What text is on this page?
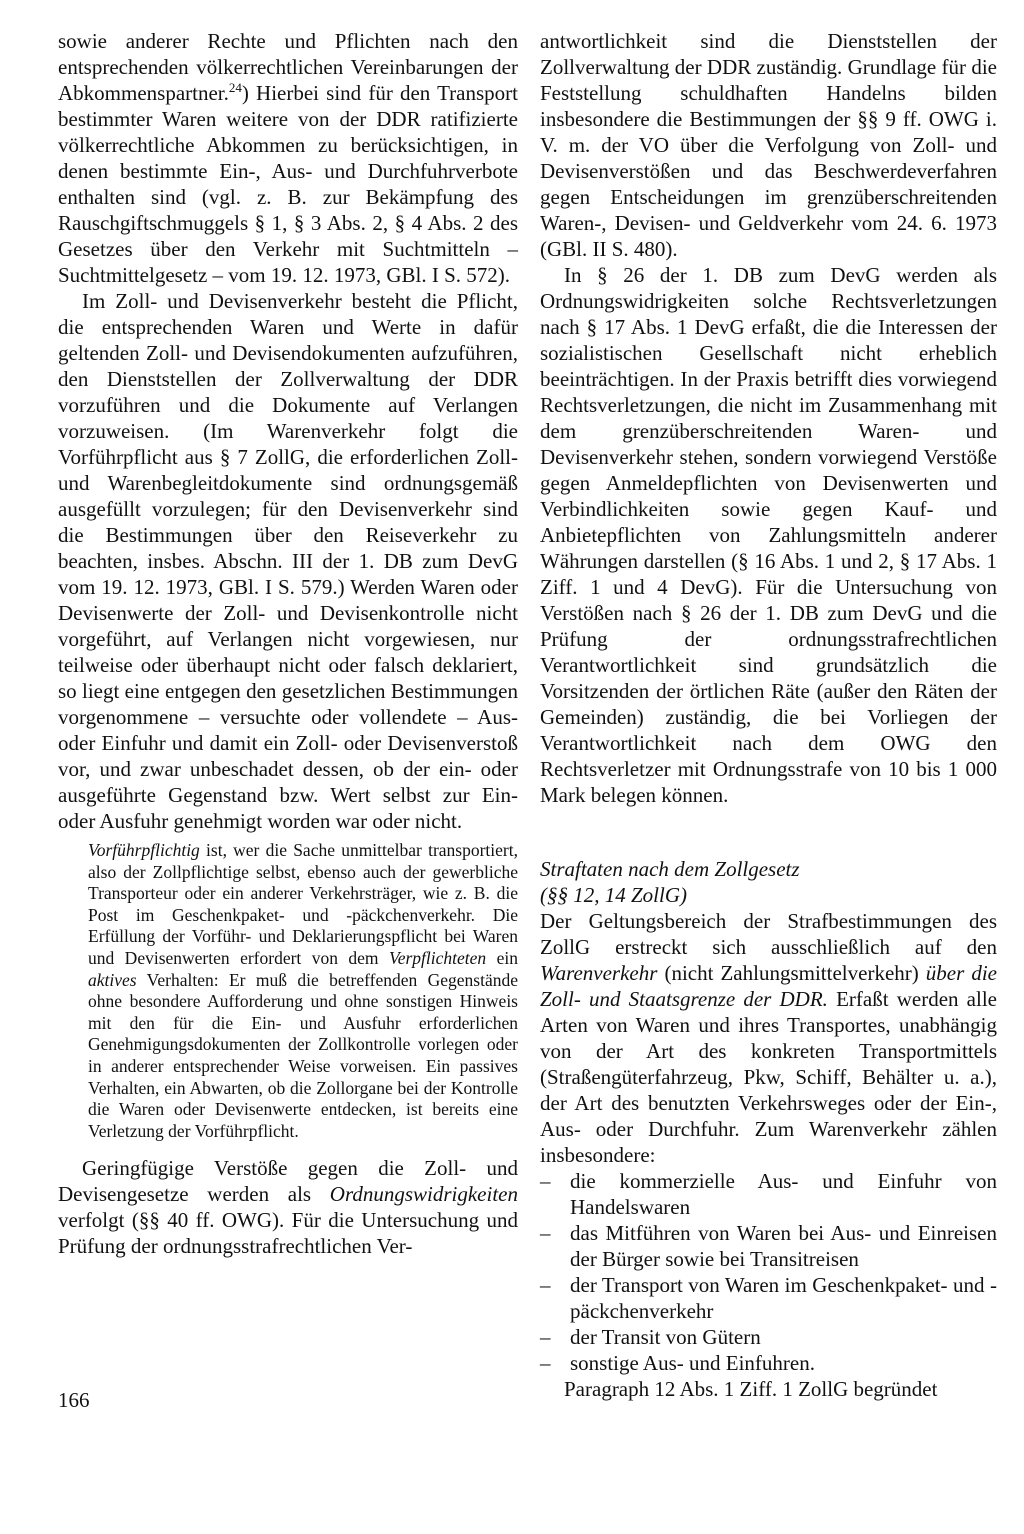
sowie anderer Rechte und Pflichten nach den entsprechenden völkerrechtlichen Vereinbarungen der Abkommenspartner.$^{24}$) Hierbei sind für den Transport bestimmter Waren weitere von der DDR ratifizierte völkerrechtliche Abkommen zu berücksichtigen, in denen bestimmte Ein-, Aus- und Durchfuhrverbote enthalten sind (vgl. z. B. zur Bekämpfung des Rauschgiftschmuggels § 1, § 3 Abs. 2, § 4 Abs. 2 des Gesetzes über den Verkehr mit Suchtmitteln – Suchtmittelgesetz – vom 19. 12. 1973, GBl. I S. 572).

Im Zoll- und Devisenverkehr besteht die Pflicht, die entsprechenden Waren und Werte in dafür geltenden Zoll- und Devisendokumenten aufzuführen, den Dienststellen der Zollverwaltung der DDR vorzuführen und die Dokumente auf Verlangen vorzuweisen. (Im Warenverkehr folgt die Vorführpflicht aus § 7 ZollG, die erforderlichen Zoll- und Warenbegleitdokumente sind ordnungsgemäß ausgefüllt vorzulegen; für den Devisenverkehr sind die Bestimmungen über den Reiseverkehr zu beachten, insbes. Abschn. III der 1. DB zum DevG vom 19. 12. 1973, GBl. I S. 579.) Werden Waren oder Devisenwerte der Zoll- und Devisenkontrolle nicht vorgeführt, auf Verlangen nicht vorgewiesen, nur teilweise oder überhaupt nicht oder falsch deklariert, so liegt eine entgegen den gesetzlichen Bestimmungen vorgenommene – versuchte oder vollendete – Aus- oder Einfuhr und damit ein Zoll- oder Devisenverstoß vor, und zwar unbeschadet dessen, ob der ein- oder ausgeführte Gegenstand bzw. Wert selbst zur Ein- oder Ausfuhr genehmigt worden war oder nicht.

Vorführpflichtig ist, wer die Sache unmittelbar transportiert, also der Zollpflichtige selbst, ebenso auch der gewerbliche Transporteur oder ein anderer Verkehrsträger, wie z. B. die Post im Geschenkpaket- und -päckchenverkehr. Die Erfüllung der Vorführ- und Deklarierungspflicht bei Waren und Devisenwerten erfordert von dem Verpflichteten ein aktives Verhalten: Er muß die betreffenden Gegenstände ohne besondere Aufforderung und ohne sonstigen Hinweis mit den für die Ein- und Ausfuhr erforderlichen Genehmigungsdokumenten der Zollkontrolle vorlegen oder in anderer entsprechender Weise vorweisen. Ein passives Verhalten, ein Abwarten, ob die Zollorgane bei der Kontrolle die Waren oder Devisenwerte entdecken, ist bereits eine Verletzung der Vorführpflicht.

Geringfügige Verstöße gegen die Zoll- und Devisengesetze werden als Ordnungswidrigkeiten verfolgt (§§ 40 ff. OWG). Für die Untersuchung und Prüfung der ordnungsstrafrechtlichen Ver-

antwortlichkeit sind die Dienststellen der Zollverwaltung der DDR zuständig. Grundlage für die Feststellung schuldhaften Handelns bilden insbesondere die Bestimmungen der §§ 9 ff. OWG i. V. m. der VO über die Verfolgung von Zoll- und Devisenverstößen und das Beschwerdeverfahren gegen Entscheidungen im grenzüberschreitenden Waren-, Devisen- und Geldverkehr vom 24. 6. 1973 (GBl. II S. 480).

In § 26 der 1. DB zum DevG werden als Ordnungswidrigkeiten solche Rechtsverletzungen nach § 17 Abs. 1 DevG erfaßt, die die Interessen der sozialistischen Gesellschaft nicht erheblich beeinträchtigen. In der Praxis betrifft dies vorwiegend Rechtsverletzungen, die nicht im Zusammenhang mit dem grenzüberschreitenden Waren- und Devisenverkehr stehen, sondern vorwiegend Verstöße gegen Anmeldepflichten von Devisenwerten und Verbindlichkeiten sowie gegen Kauf- und Anbietepflichten von Zahlungsmitteln anderer Währungen darstellen (§ 16 Abs. 1 und 2, § 17 Abs. 1 Ziff. 1 und 4 DevG). Für die Untersuchung von Verstößen nach § 26 der 1. DB zum DevG und die Prüfung der ordnungsstrafrechtlichen Verantwortlichkeit sind grundsätzlich die Vorsitzenden der örtlichen Räte (außer den Räten der Gemeinden) zuständig, die bei Vorliegen der Verantwortlichkeit nach dem OWG den Rechtsverletzer mit Ordnungsstrafe von 10 bis 1 000 Mark belegen können.

Straftaten nach dem Zollgesetz

(§§ 12, 14 ZollG)

Der Geltungsbereich der Strafbestimmungen des ZollG erstreckt sich ausschließlich auf den Warenverkehr (nicht Zahlungsmittelverkehr) über die Zoll- und Staatsgrenze der DDR. Erfaßt werden alle Arten von Waren und ihres Transportes, unabhängig von der Art des konkreten Transportmittels (Straßengüterfahrzeug, Pkw, Schiff, Behälter u. a.), der Art des benutzten Verkehrsweges oder der Ein-, Aus- oder Durchfuhr. Zum Warenverkehr zählen insbesondere:

– die kommerzielle Aus- und Einfuhr von Handelswaren
– das Mitführen von Waren bei Aus- und Einreisen der Bürger sowie bei Transitreisen
– der Transport von Waren im Geschenkpaket- und -päckchenverkehr
– der Transit von Gütern
– sonstige Aus- und Einfuhren.

Paragraph 12 Abs. 1 Ziff. 1 ZollG begründet

166
